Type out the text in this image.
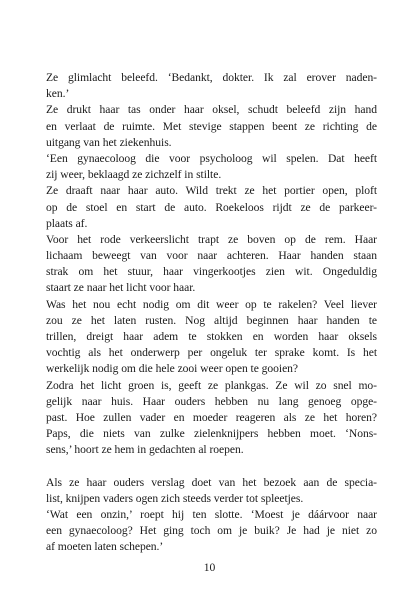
Ze glimlacht beleefd. ‘Bedankt, dokter. Ik zal erover naden-
ken.’
Ze drukt haar tas onder haar oksel, schudt beleefd zijn hand
en verlaat de ruimte. Met stevige stappen beent ze richting de
uitgang van het ziekenhuis.
‘Een gynaecoloog die voor psycholoog wil spelen. Dat heeft
zij weer, beklaagd ze zichzelf in stilte.
Ze draaft naar haar auto. Wild trekt ze het portier open, ploft
op de stoel en start de auto. Roekeloos rijdt ze de parkeer-
plaats af.
Voor het rode verkeerslicht trapt ze boven op de rem. Haar
lichaam beweegt van voor naar achteren. Haar handen staan
strak om het stuur, haar vingerkootjes zien wit. Ongeduldig
staart ze naar het licht voor haar.
Was het nou echt nodig om dit weer op te rakelen? Veel liever
zou ze het laten rusten. Nog altijd beginnen haar handen te
trillen, dreigt haar adem te stokken en worden haar oksels
vochtig als het onderwerp per ongeluk ter sprake komt. Is het
werkelijk nodig om die hele zooi weer open te gooien?
Zodra het licht groen is, geeft ze plankgas. Ze wil zo snel mo-
gelijk naar huis. Haar ouders hebben nu lang genoeg opge-
past. Hoe zullen vader en moeder reageren als ze het horen?
Paps, die niets van zulke zielenknijpers hebben moet. ‘Nons-
sens,’ hoort ze hem in gedachten al roepen.
Als ze haar ouders verslag doet van het bezoek aan de specia-
list, knijpen vaders ogen zich steeds verder tot spleetjes.
‘Wat een onzin,’ roept hij ten slotte. ‘Moest je dáárvoor naar
een gynaecoloog? Het ging toch om je buik? Je had je niet zo
af moeten laten schepen.’
10
